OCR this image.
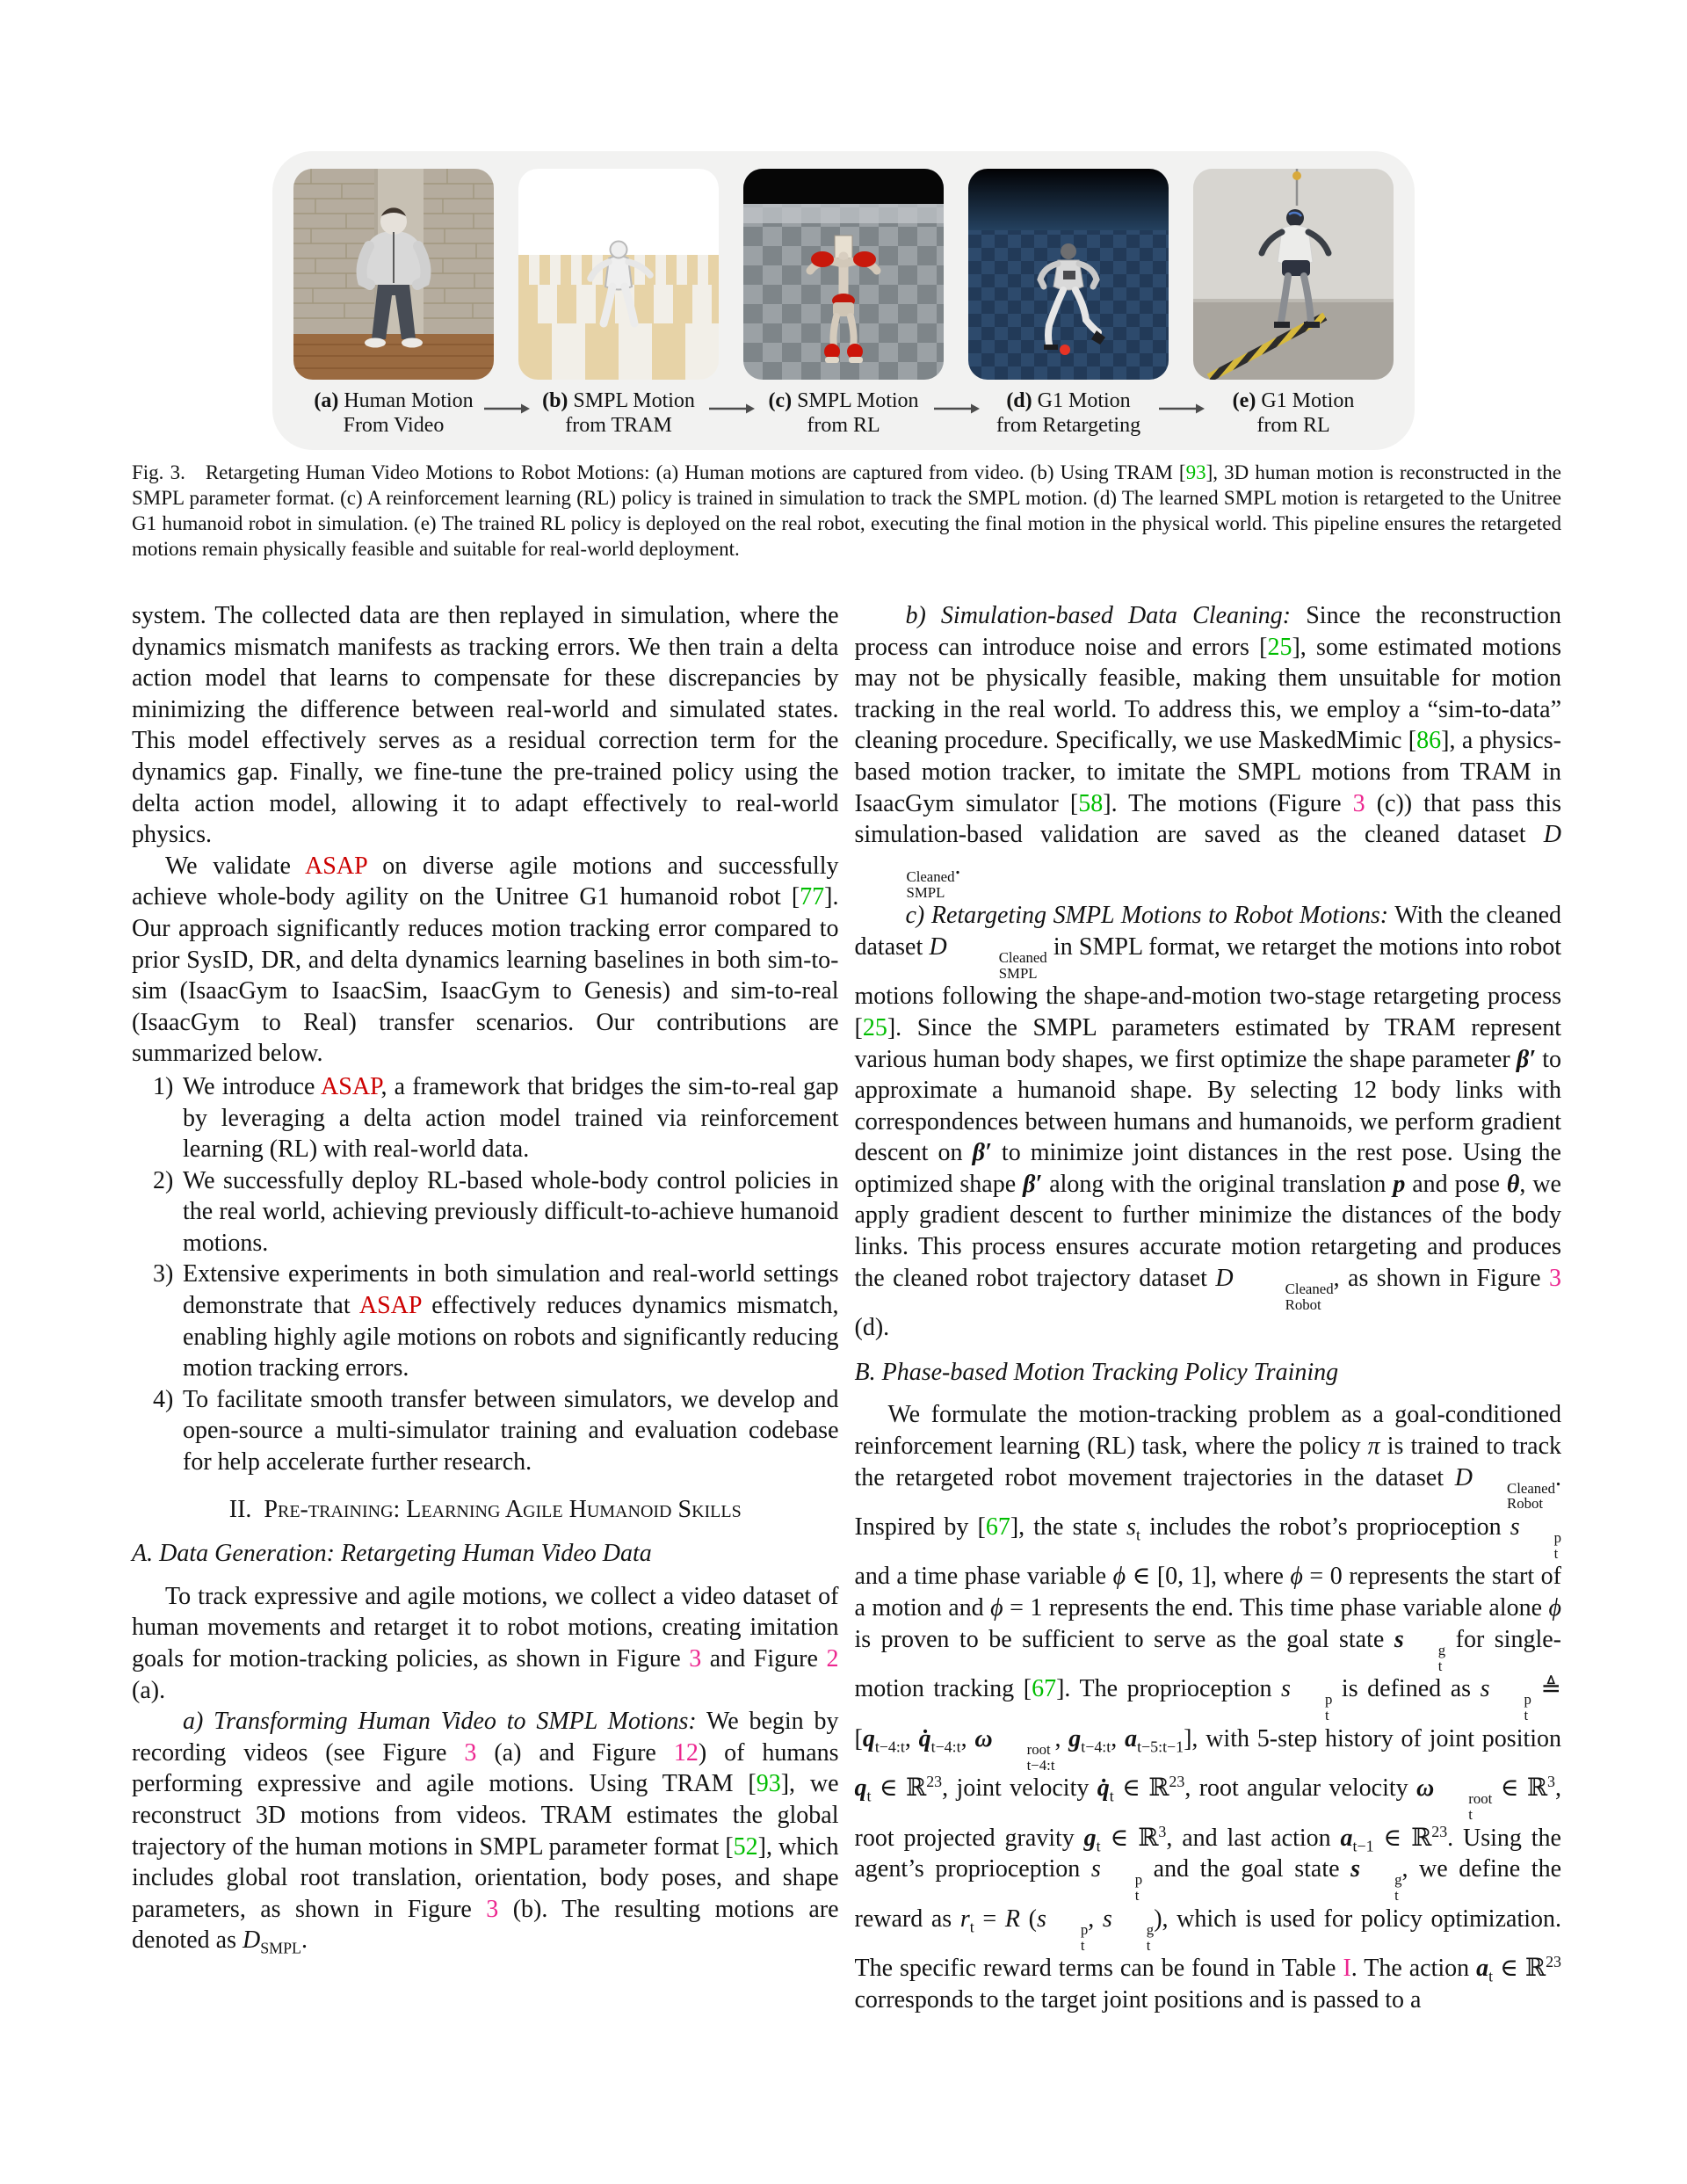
(a) Human Motion
From Video
(b) SMPL Motion
from TRAM
(c) SMPL Motion
from RL
(d) G1 Motion
from Retargeting
(e) G1 Motion
from RL
Fig. 3.  Retargeting Human Video Motions to Robot Motions: (a) Human motions are captured from video. (b) Using TRAM [93], 3D human motion is reconstructed in the SMPL parameter format. (c) A reinforcement learning (RL) policy is trained in simulation to track the SMPL motion. (d) The learned SMPL motion is retargeted to the Unitree G1 humanoid robot in simulation. (e) The trained RL policy is deployed on the real robot, executing the final motion in the physical world. This pipeline ensures the retargeted motions remain physically feasible and suitable for real-world deployment.
system. The collected data are then replayed in simulation, where the dynamics mismatch manifests as tracking errors. We then train a delta action model that learns to compensate for these discrepancies by minimizing the difference between real-world and simulated states. This model effectively serves as a residual correction term for the dynamics gap. Finally, we fine-tune the pre-trained policy using the delta action model, allowing it to adapt effectively to real-world physics.
We validate ASAP on diverse agile motions and successfully achieve whole-body agility on the Unitree G1 humanoid robot [77]. Our approach significantly reduces motion tracking error compared to prior SysID, DR, and delta dynamics learning baselines in both sim-to-sim (IsaacGym to IsaacSim, IsaacGym to Genesis) and sim-to-real (IsaacGym to Real) transfer scenarios. Our contributions are summarized below.
1) We introduce ASAP, a framework that bridges the sim-to-real gap by leveraging a delta action model trained via reinforcement learning (RL) with real-world data.
2) We successfully deploy RL-based whole-body control policies in the real world, achieving previously difficult-to-achieve humanoid motions.
3) Extensive experiments in both simulation and real-world settings demonstrate that ASAP effectively reduces dynamics mismatch, enabling highly agile motions on robots and significantly reducing motion tracking errors.
4) To facilitate smooth transfer between simulators, we develop and open-source a multi-simulator training and evaluation codebase for help accelerate further research.
II. Pre-training: Learning Agile Humanoid Skills
A. Data Generation: Retargeting Human Video Data
To track expressive and agile motions, we collect a video dataset of human movements and retarget it to robot motions, creating imitation goals for motion-tracking policies, as shown in Figure 3 and Figure 2 (a).
a) Transforming Human Video to SMPL Motions: We begin by recording videos (see Figure 3 (a) and Figure 12) of humans performing expressive and agile motions. Using TRAM [93], we reconstruct 3D motions from videos. TRAM estimates the global trajectory of the human motions in SMPL parameter format [52], which includes global root translation, orientation, body poses, and shape parameters, as shown in Figure 3 (b). The resulting motions are denoted as $D_{SMPL}$.
b) Simulation-based Data Cleaning: Since the reconstruction process can introduce noise and errors [25], some estimated motions may not be physically feasible, making them unsuitable for motion tracking in the real world. To address this, we employ a “sim-to-data” cleaning procedure. Specifically, we use MaskedMimic [86], a physics-based motion tracker, to imitate the SMPL motions from TRAM in IsaacGym simulator [58]. The motions (Figure 3 (c)) that pass this simulation-based validation are saved as the cleaned dataset D
Cleaned
SMPL
.
c) Retargeting SMPL Motions to Robot Motions: With the cleaned dataset D	Cleaned
SMPL
in SMPL format, we retarget the motions into robot motions following the shape-and-motion two-stage retargeting process [25]. Since the SMPL parameters estimated by TRAM represent various human body shapes, we first optimize the shape parameter β′ to approximate a humanoid shape. By selecting 12 body links with correspondences between humans and humanoids, we perform gradient descent on β′ to minimize joint distances in the rest pose. Using the optimized shape β′ along with the original translation p and pose θ, we apply gradient descent to further minimize the distances of the body links. This process ensures accurate motion retargeting and produces the cleaned robot trajectory dataset D	Cleaned
Robot
, as shown in Figure 3 (d).
B. Phase-based Motion Tracking Policy Training
We formulate the motion-tracking problem as a goal-conditioned reinforcement learning (RL) task, where the policy π is trained to track the retargeted robot movement trajectories in the dataset D	Cleaned
Robot
. Inspired by [67], the state $s_t$ includes the robot’s proprioception s	p
t
and a time phase variable ϕ ∈ [0, 1], where ϕ = 0 represents the start of a motion and ϕ = 1 represents the end. This time phase variable alone ϕ is proven to be sufficient to serve as the goal state s	g
t
for single-motion tracking [67]. The proprioception s	p
t
is defined as s	p
t
≜ [$q_{t-4:t}$, $q̇_{t-4:t}$, ω	root
t−4:t
, $g_{t-4:t}$, $a_{t-5:t-1}$], with 5-step history of joint position $q_t$ ∈ ℝ$^{23}$, joint velocity $q̇_t$ ∈ ℝ$^{23}$, root angular velocity ω	root
t
∈ ℝ$^3$, root projected gravity $g_t$ ∈ ℝ$^3$, and last action $a_{t-1}$ ∈ ℝ$^{23}$. Using the agent’s proprioception s	p
t
and the goal state s	g
t
, we define the reward as $r_t = R$ (s	p
t
, s	g
t
), which is used for policy optimization. The specific reward terms can be found in Table I. The action $a_t$ ∈ ℝ$^{23}$ corresponds to the target joint positions and is passed to a
